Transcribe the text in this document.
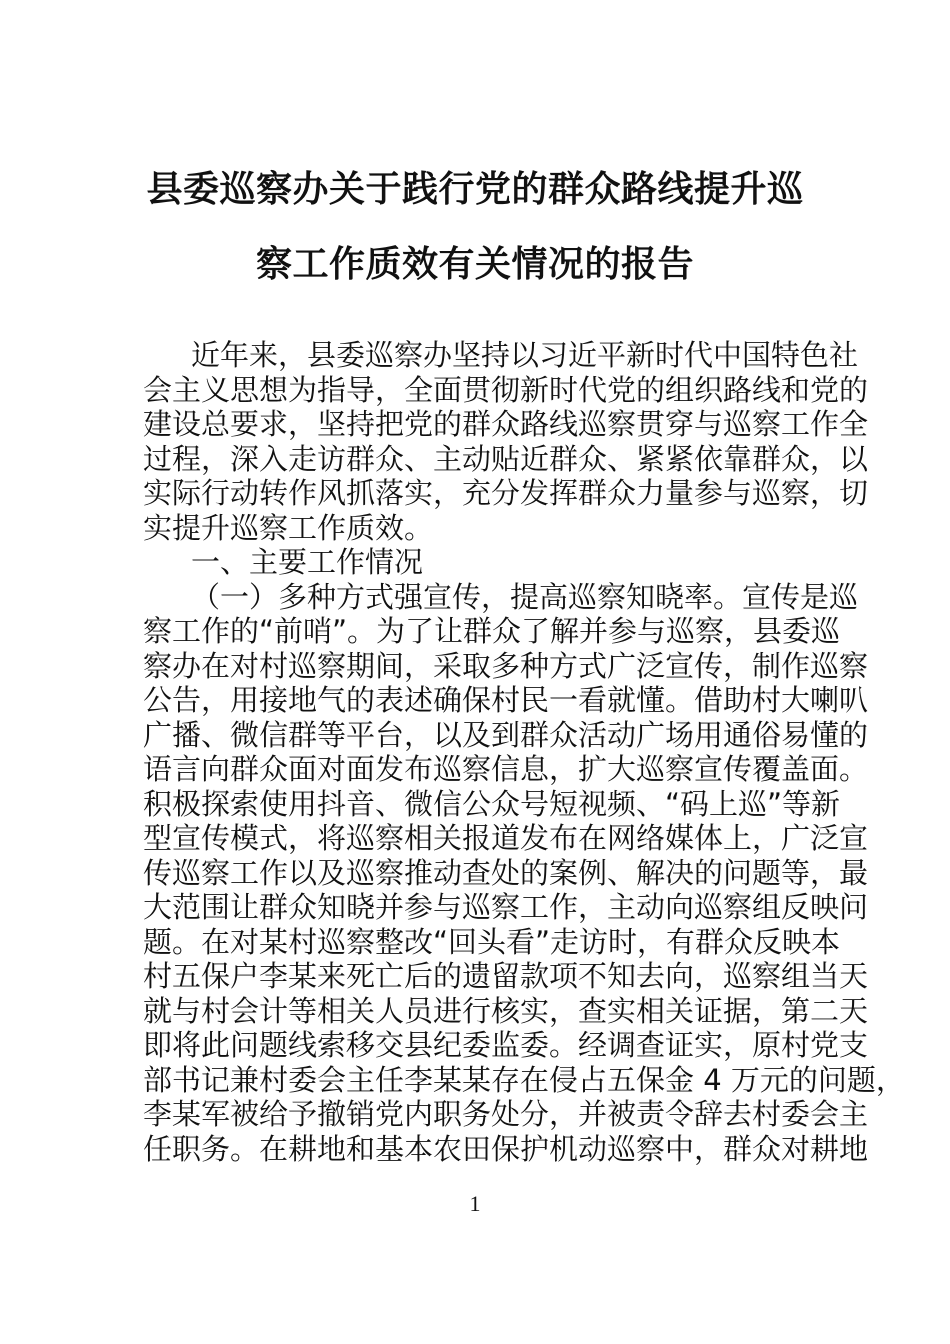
县委巡察办关于践行党的群众路线提升巡
察工作质效有关情况的报告
近年来，县委巡察办坚持以习近平新时代中国特色社
会主义思想为指导，全面贯彻新时代党的组织路线和党的
建设总要求，坚持把党的群众路线巡察贯穿与巡察工作全
过程，深入走访群众、主动贴近群众、紧紧依靠群众，以
实际行动转作风抓落实，充分发挥群众力量参与巡察，切
实提升巡察工作质效。
一、主要工作情况
（一）多种方式强宣传，提高巡察知晓率。宣传是巡
察工作的“前哨”。为了让群众了解并参与巡察，县委巡
察办在对村巡察期间，采取多种方式广泛宣传，制作巡察
公告，用接地气的表述确保村民一看就懂。借助村大喇叭
广播、微信群等平台，以及到群众活动广场用通俗易懂的
语言向群众面对面发布巡察信息，扩大巡察宣传覆盖面。
积极探索使用抖音、微信公众号短视频、“码上巡”等新
型宣传模式，将巡察相关报道发布在网络媒体上，广泛宣
传巡察工作以及巡察推动查处的案例、解决的问题等，最
大范围让群众知晓并参与巡察工作，主动向巡察组反映问
题。在对某村巡察整改“回头看”走访时，有群众反映本
村五保户李某来死亡后的遗留款项不知去向，巡察组当天
就与村会计等相关人员进行核实，查实相关证据，第二天
即将此问题线索移交县纪委监委。经调查证实，原村党支
部书记兼村委会主任李某某存在侵占五保金 4 万元的问题，
李某军被给予撤销党内职务处分，并被责令辞去村委会主
任职务。在耕地和基本农田保护机动巡察中，群众对耕地
1
